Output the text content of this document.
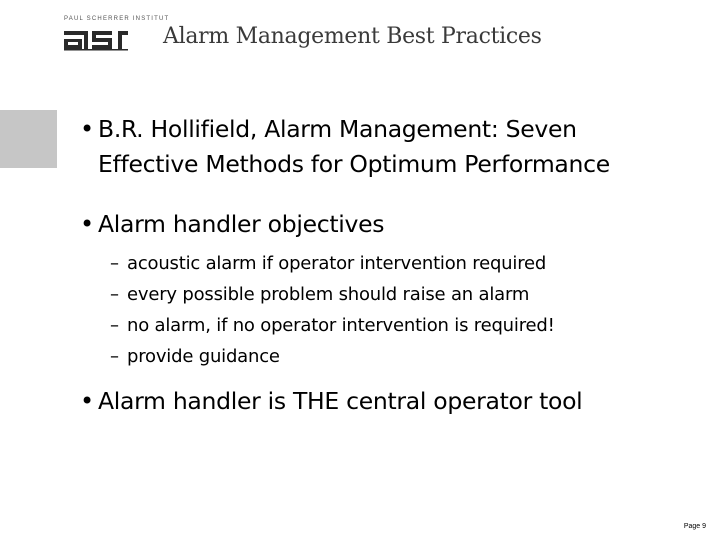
PAUL SCHERRER INSTITUT
Alarm Management Best Practices
• B.R. Hollifield, Alarm Management: Seven
Effective Methods for Optimum Performance
• Alarm handler objectives
– acoustic alarm if operator intervention required
– every possible problem should raise an alarm
– no alarm, if no operator intervention is required!
– provide guidance
• Alarm handler is THE central operator tool
Page 9
